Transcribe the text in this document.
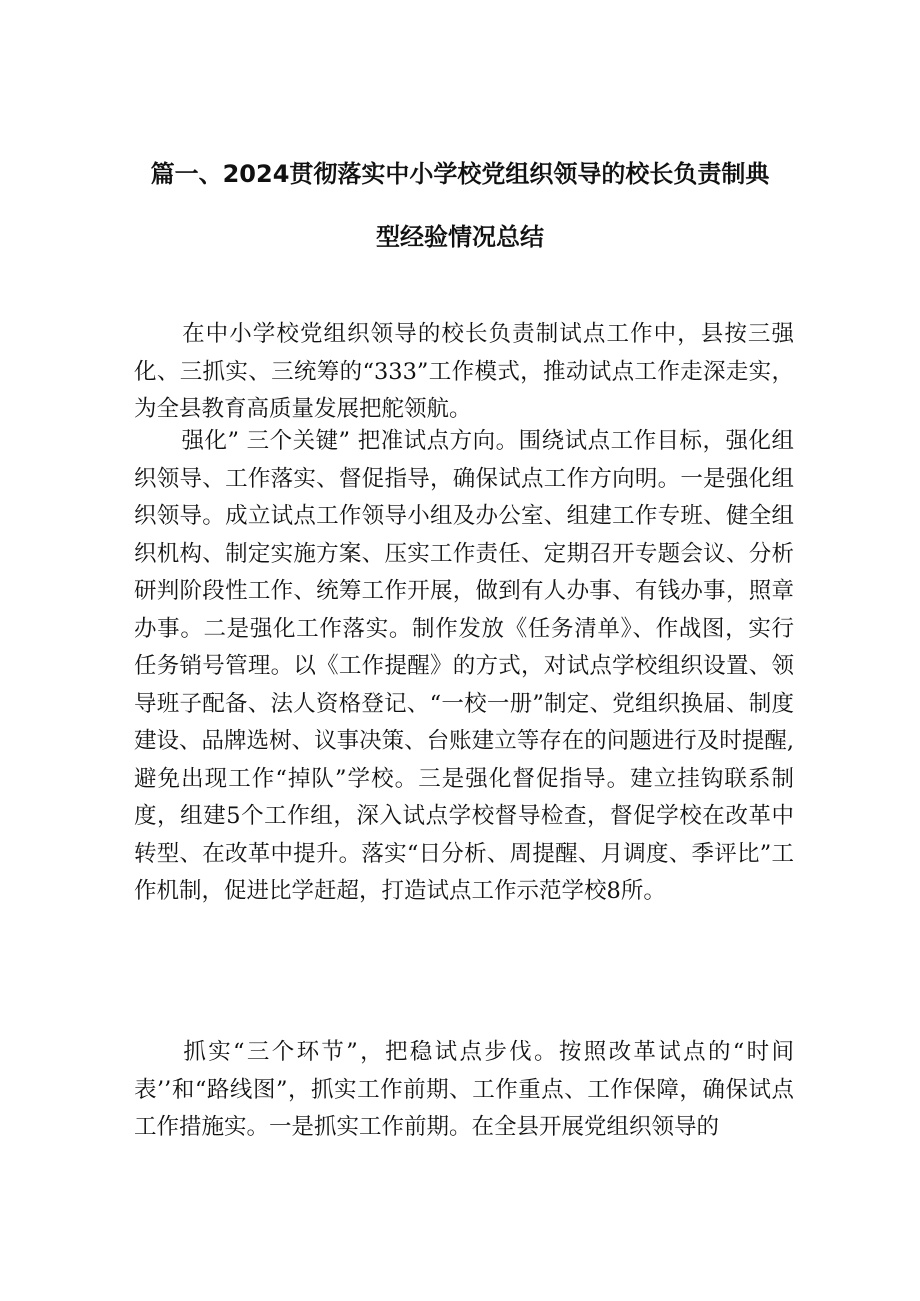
篇一、2024贯彻落实中小学校党组织领导的校长负责制典
型经验情况总结
在中小学校党组织领导的校长负责制试点工作中，县按三强化、三抓实、三统筹的“333”工作模式，推动试点工作走深走实，为全县教育高质量发展把舵领航。
强化” 三个关键” 把准试点方向。围绕试点工作目标，强化组织领导、工作落实、督促指导，确保试点工作方向明。一是强化组织领导。成立试点工作领导小组及办公室、组建工作专班、健全组织机构、制定实施方案、压实工作责任、定期召开专题会议、分析研判阶段性工作、统筹工作开展，做到有人办事、有钱办事，照章办事。二是强化工作落实。制作发放《任务清单》、作战图，实行任务销号管理。以《工作提醒》的方式，对试点学校组织设置、领导班子配备、法人资格登记、“一校一册”制定、党组织换届、制度建设、品牌选树、议事决策、台账建立等存在的问题进行及时提醒,避免出现工作“掉队”学校。三是强化督促指导。建立挂钩联系制度，组建5个工作组，深入试点学校督导检查，督促学校在改革中转型、在改革中提升。落实“日分析、周提醒、月调度、季评比”工作机制，促进比学赶超，打造试点工作示范学校8所。
抓实“三个环节”，把稳试点步伐。按照改革试点的“时间表’’和“路线图”，抓实工作前期、工作重点、工作保障，确保试点工作措施实。一是抓实工作前期。在全县开展党组织领导的
